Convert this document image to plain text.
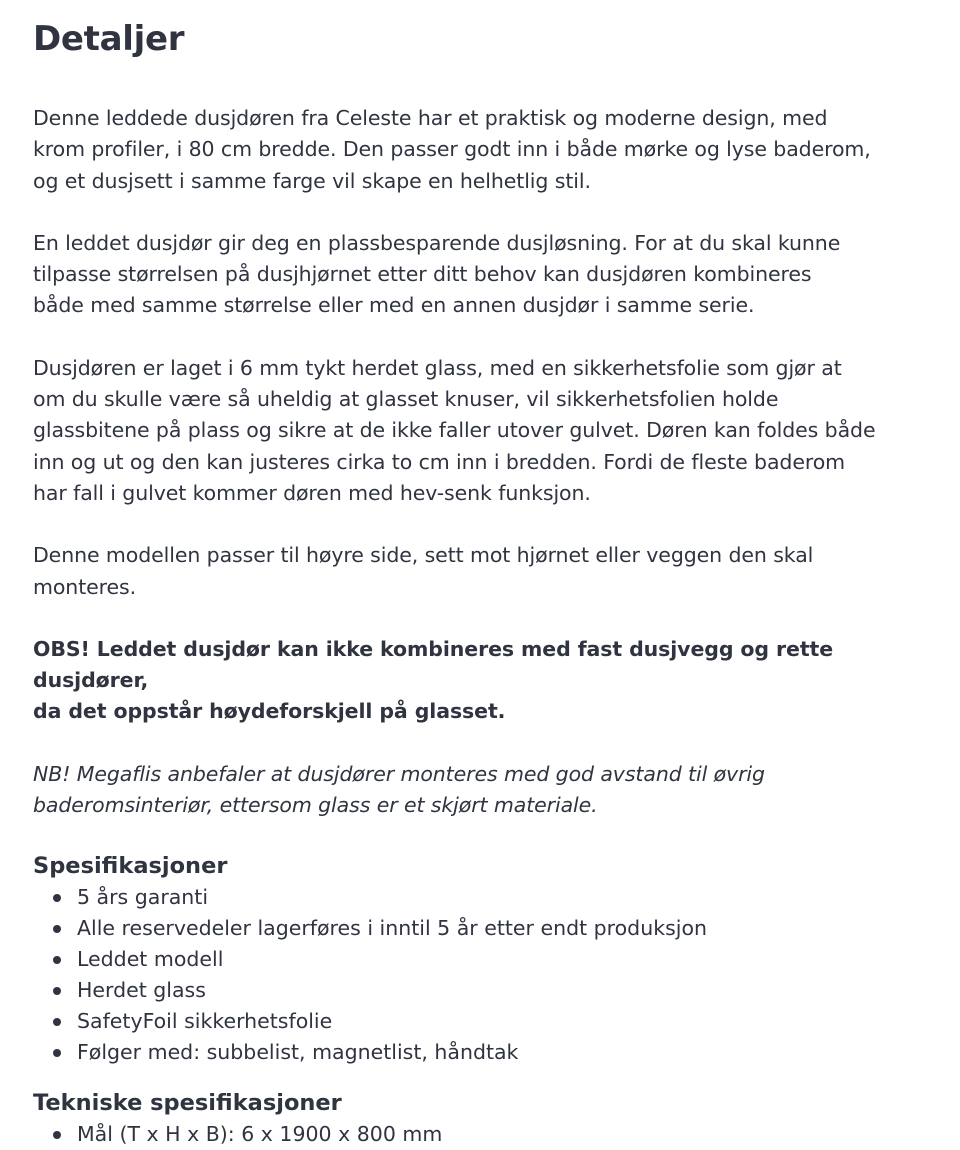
Detaljer

Denne leddede dusjdøren fra Celeste har et praktisk og moderne design, med
krom profiler, i 80 cm bredde. Den passer godt inn i både mørke og lyse baderom,
og et dusjsett i samme farge vil skape en helhetlig stil.

En leddet dusjdør gir deg en plassbesparende dusjløsning. For at du skal kunne
tilpasse størrelsen på dusjhjørnet etter ditt behov kan dusjdøren kombineres
både med samme størrelse eller med en annen dusjdør i samme serie.

Dusjdøren er laget i 6 mm tykt herdet glass, med en sikkerhetsfolie som gjør at
om du skulle være så uheldig at glasset knuser, vil sikkerhetsfolien holde
glassbitene på plass og sikre at de ikke faller utover gulvet. Døren kan foldes både
inn og ut og den kan justeres cirka to cm inn i bredden. Fordi de fleste baderom
har fall i gulvet kommer døren med hev-senk funksjon.

Denne modellen passer til høyre side, sett mot hjørnet eller veggen den skal
monteres.

OBS! Leddet dusjdør kan ikke kombineres med fast dusjvegg og rette dusjdører,
da det oppstår høydeforskjell på glasset.

NB! Megaflis anbefaler at dusjdører monteres med god avstand til øvrig
baderomsinteriør, ettersom glass er et skjørt materiale.

Spesifikasjoner
5 års garanti
Alle reservedeler lagerføres i inntil 5 år etter endt produksjon
Leddet modell
Herdet glass
SafetyFoil sikkerhetsfolie
Følger med: subbelist, magnetlist, håndtak
Tekniske spesifikasjoner
Mål (T x H x B): 6 x 1900 x 800 mm
